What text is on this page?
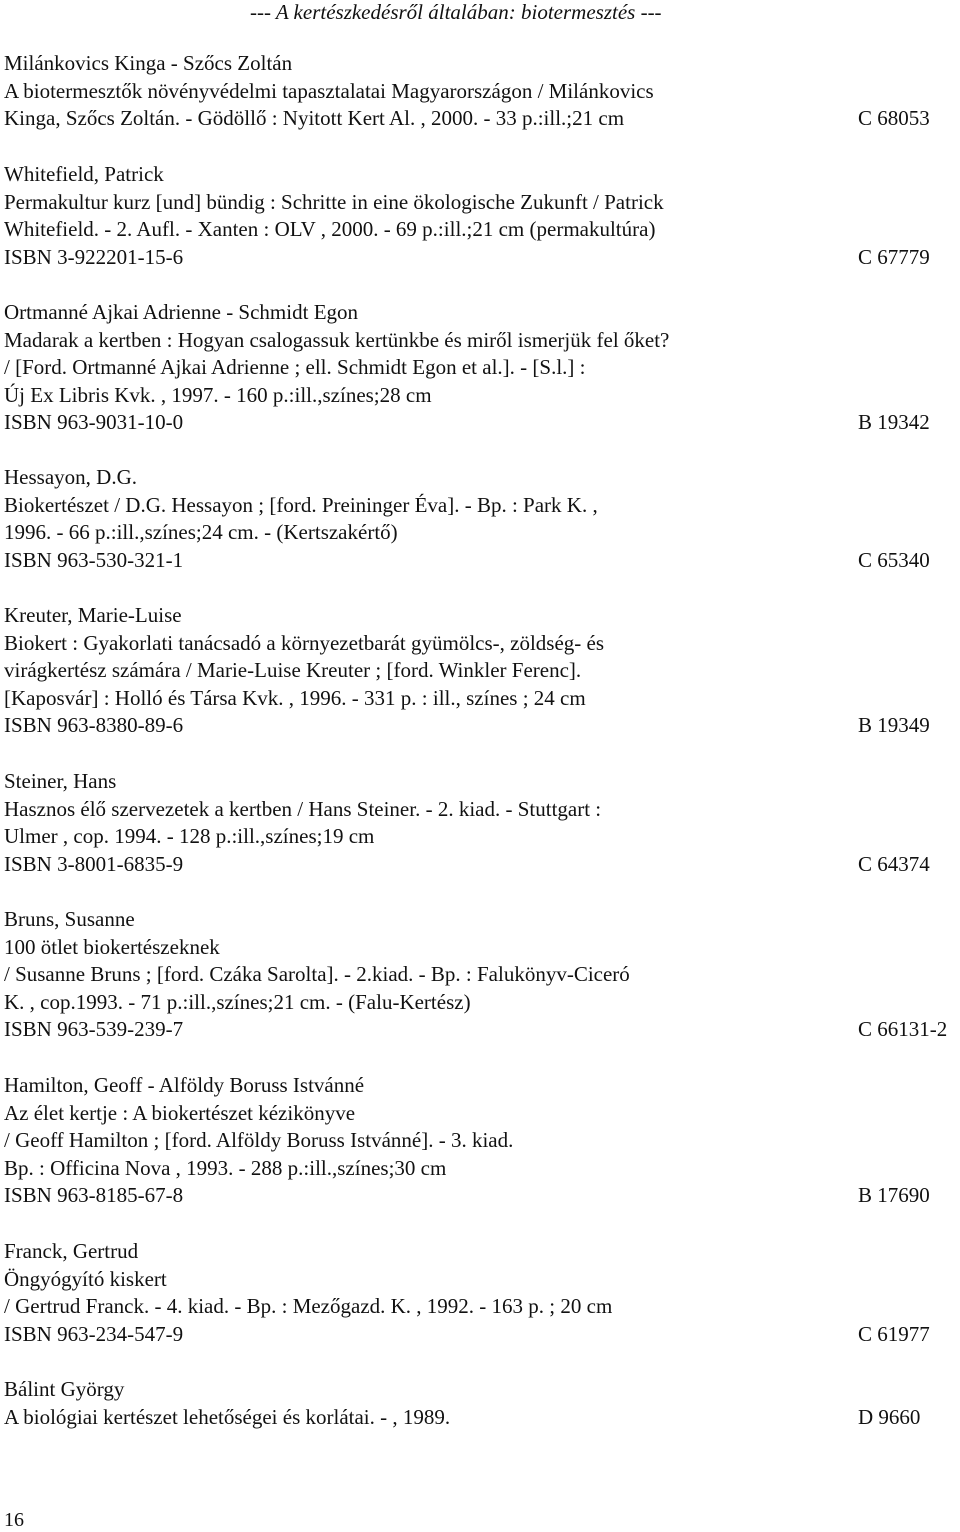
--- A kertészkedésről általában: biotermesztés ---
Milánkovics Kinga - Szőcs Zoltán
A biotermesztők növényvédelmi tapasztalatai Magyarországon / Milánkovics
Kinga, Szőcs Zoltán. - Gödöllő : Nyitott Kert Al. , 2000. - 33 p.:ill.;21 cm	C 68053
Whitefield, Patrick
Permakultur kurz [und] bündig : Schritte in eine ökologische Zukunft / Patrick
Whitefield. - 2. Aufl. - Xanten : OLV , 2000. - 69 p.:ill.;21 cm (permakultúra)
ISBN 3-922201-15-6	C 67779
Ortmanné Ajkai Adrienne - Schmidt Egon
Madarak a kertben : Hogyan csalogassuk kertünkbe és miről ismerjük fel őket?
/ [Ford. Ortmanné Ajkai Adrienne ; ell. Schmidt Egon et al.]. - [S.l.] :
Új Ex Libris Kvk. , 1997. - 160 p.:ill.,színes;28 cm
ISBN 963-9031-10-0	B 19342
Hessayon, D.G.
Biokertészet / D.G. Hessayon ; [ford. Preininger Éva]. - Bp. : Park K. ,
1996. - 66 p.:ill.,színes;24 cm. - (Kertszakértő)
ISBN 963-530-321-1	C 65340
Kreuter, Marie-Luise
Biokert : Gyakorlati tanácsadó a környezetbarát gyümölcs-, zöldség- és
virágkertész számára / Marie-Luise Kreuter ; [ford. Winkler Ferenc].
[Kaposvár] : Holló és Társa Kvk. , 1996. - 331 p. : ill., színes ; 24 cm
ISBN 963-8380-89-6	B 19349
Steiner, Hans
Hasznos élő szervezetek a kertben / Hans Steiner. - 2. kiad. - Stuttgart :
Ulmer , cop. 1994. - 128 p.:ill.,színes;19 cm
ISBN 3-8001-6835-9	C 64374
Bruns, Susanne
100 ötlet biokertészeknek
/ Susanne Bruns ; [ford. Czáka Sarolta]. - 2.kiad. - Bp. : Falukönyv-Ciceró
K. , cop.1993. - 71 p.:ill.,színes;21 cm. - (Falu-Kertész)
ISBN 963-539-239-7	C 66131-2
Hamilton, Geoff - Alföldy Boruss Istvánné
Az élet kertje : A biokertészet kézikönyve
/ Geoff Hamilton ; [ford. Alföldy Boruss Istvánné]. - 3. kiad.
Bp. : Officina Nova , 1993. - 288 p.:ill.,színes;30 cm
ISBN 963-8185-67-8	B 17690
Franck, Gertrud
Öngyógyító kiskert
/ Gertrud Franck. - 4. kiad. - Bp. : Mezőgazd. K. , 1992. - 163 p. ; 20 cm
ISBN 963-234-547-9	C 61977
Bálint György
A biológiai kertészet lehetőségei és korlátai. - , 1989.	D 9660
16
